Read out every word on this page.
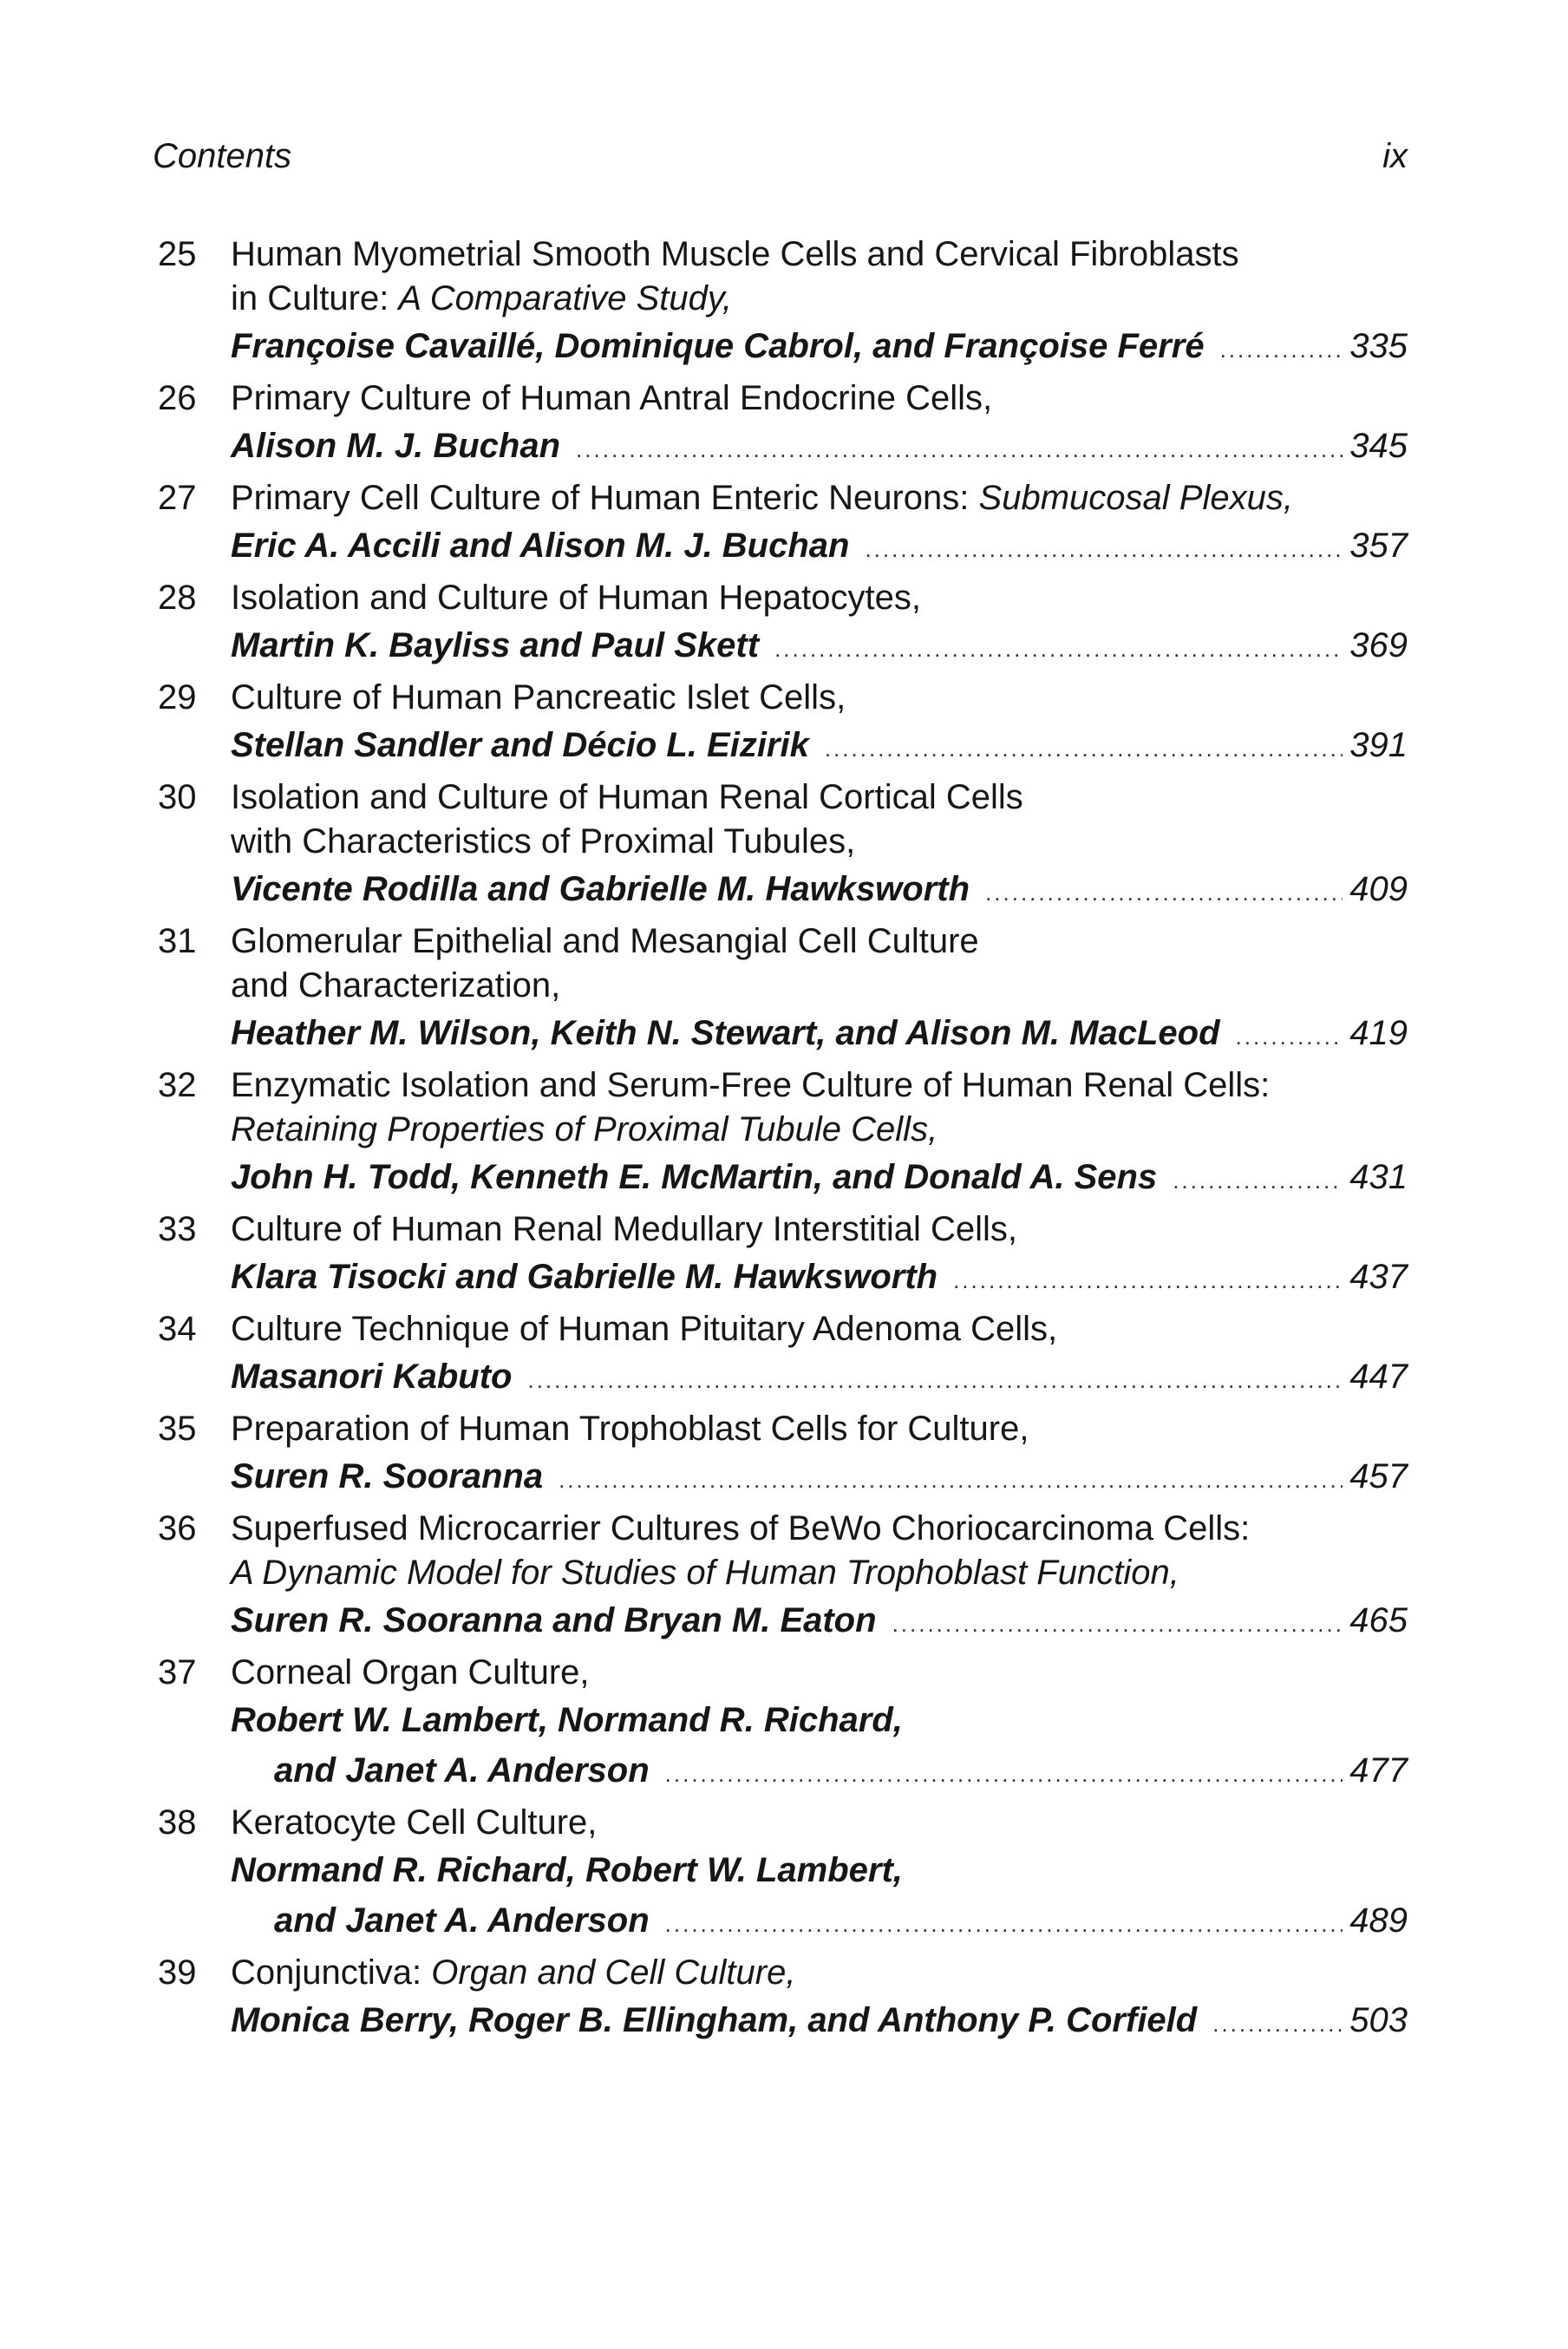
Contents	ix
25 Human Myometrial Smooth Muscle Cells and Cervical Fibroblasts
in Culture: A Comparative Study,
Françoise Cavaillé, Dominique Cabrol, and Françoise Ferré .....	335
26 Primary Culture of Human Antral Endocrine Cells,
Alison M. J. Buchan .....	345
27 Primary Cell Culture of Human Enteric Neurons: Submucosal Plexus,
Eric A. Accili and Alison M. J. Buchan .....	357
28 Isolation and Culture of Human Hepatocytes,
Martin K. Bayliss and Paul Skett .....	369
29 Culture of Human Pancreatic Islet Cells,
Stellan Sandler and Décio L. Eizirik .....	391
30 Isolation and Culture of Human Renal Cortical Cells
with Characteristics of Proximal Tubules,
Vicente Rodilla and Gabrielle M. Hawksworth .....	409
31 Glomerular Epithelial and Mesangial Cell Culture
and Characterization,
Heather M. Wilson, Keith N. Stewart, and Alison M. MacLeod .....	419
32 Enzymatic Isolation and Serum-Free Culture of Human Renal Cells:
Retaining Properties of Proximal Tubule Cells,
John H. Todd, Kenneth E. McMartin, and Donald A. Sens .....	431
33 Culture of Human Renal Medullary Interstitial Cells,
Klara Tisocki and Gabrielle M. Hawksworth .....	437
34 Culture Technique of Human Pituitary Adenoma Cells,
Masanori Kabuto .....	447
35 Preparation of Human Trophoblast Cells for Culture,
Suren R. Sooranna .....	457
36 Superfused Microcarrier Cultures of BeWo Choriocarcinoma Cells:
A Dynamic Model for Studies of Human Trophoblast Function,
Suren R. Sooranna and Bryan M. Eaton .....	465
37 Corneal Organ Culture,
Robert W. Lambert, Normand R. Richard,
and Janet A. Anderson .....	477
38 Keratocyte Cell Culture,
Normand R. Richard, Robert W. Lambert,
and Janet A. Anderson .....	489
39 Conjunctiva: Organ and Cell Culture,
Monica Berry, Roger B. Ellingham, and Anthony P. Corfield .....	503
